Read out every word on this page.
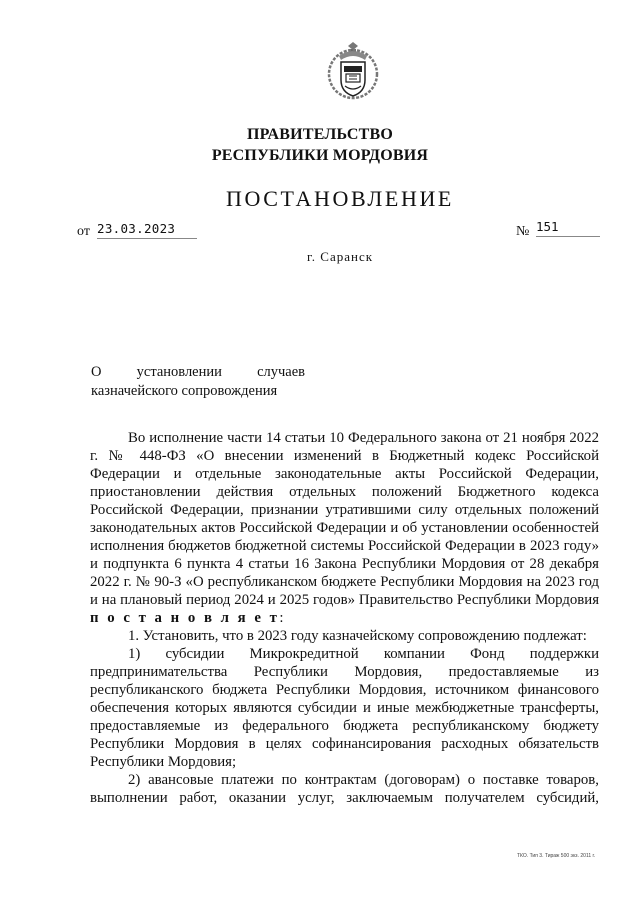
ПРАВИТЕЛЬСТВО
РЕСПУБЛИКИ МОРДОВИЯ
ПОСТАНОВЛЕНИЕ
от 23.03.2023	№ 151
г. Саранск
О установлении случаев
казначейского сопровождения

Во исполнение части 14 статьи 10 Федерального закона от 21 ноября 2022 г. № 448-ФЗ «О внесении изменений в Бюджетный кодекс Российской Федерации и отдельные законодательные акты Российской Федерации, приостановлении действия отдельных положений Бюджетного кодекса Российской Федерации, признании утратившими силу отдельных положений законодательных актов Российской Федерации и об установлении особенностей исполнения бюджетов бюджетной системы Российской Федерации в 2023 году» и подпункта 6 пункта 4 статьи 16 Закона Республики Мордовия от 28 декабря 2022 г. № 90-З «О республиканском бюджете Республики Мордовия на 2023 год и на плановый период 2024 и 2025 годов» Правительство Республики Мордовия п о с т а н о в л я е т:

1. Установить, что в 2023 году казначейскому сопровождению подлежат:

1) субсидии Микрокредитной компании Фонд поддержки предпринимательства Республики Мордовия, предоставляемые из республиканского бюджета Республики Мордовия, источником финансового обеспечения которых являются субсидии и иные межбюджетные трансферты, предоставляемые из федерального бюджета республиканскому бюджету Республики Мордовия в целях софинансирования расходных обязательств Республики Мордовия;

2) авансовые платежи по контрактам (договорам) о поставке товаров, выполнении работ, оказании услуг, заключаемым получателем субсидий,

ТКО. Тип 3. Тираж 500 экз. 2011 г.
